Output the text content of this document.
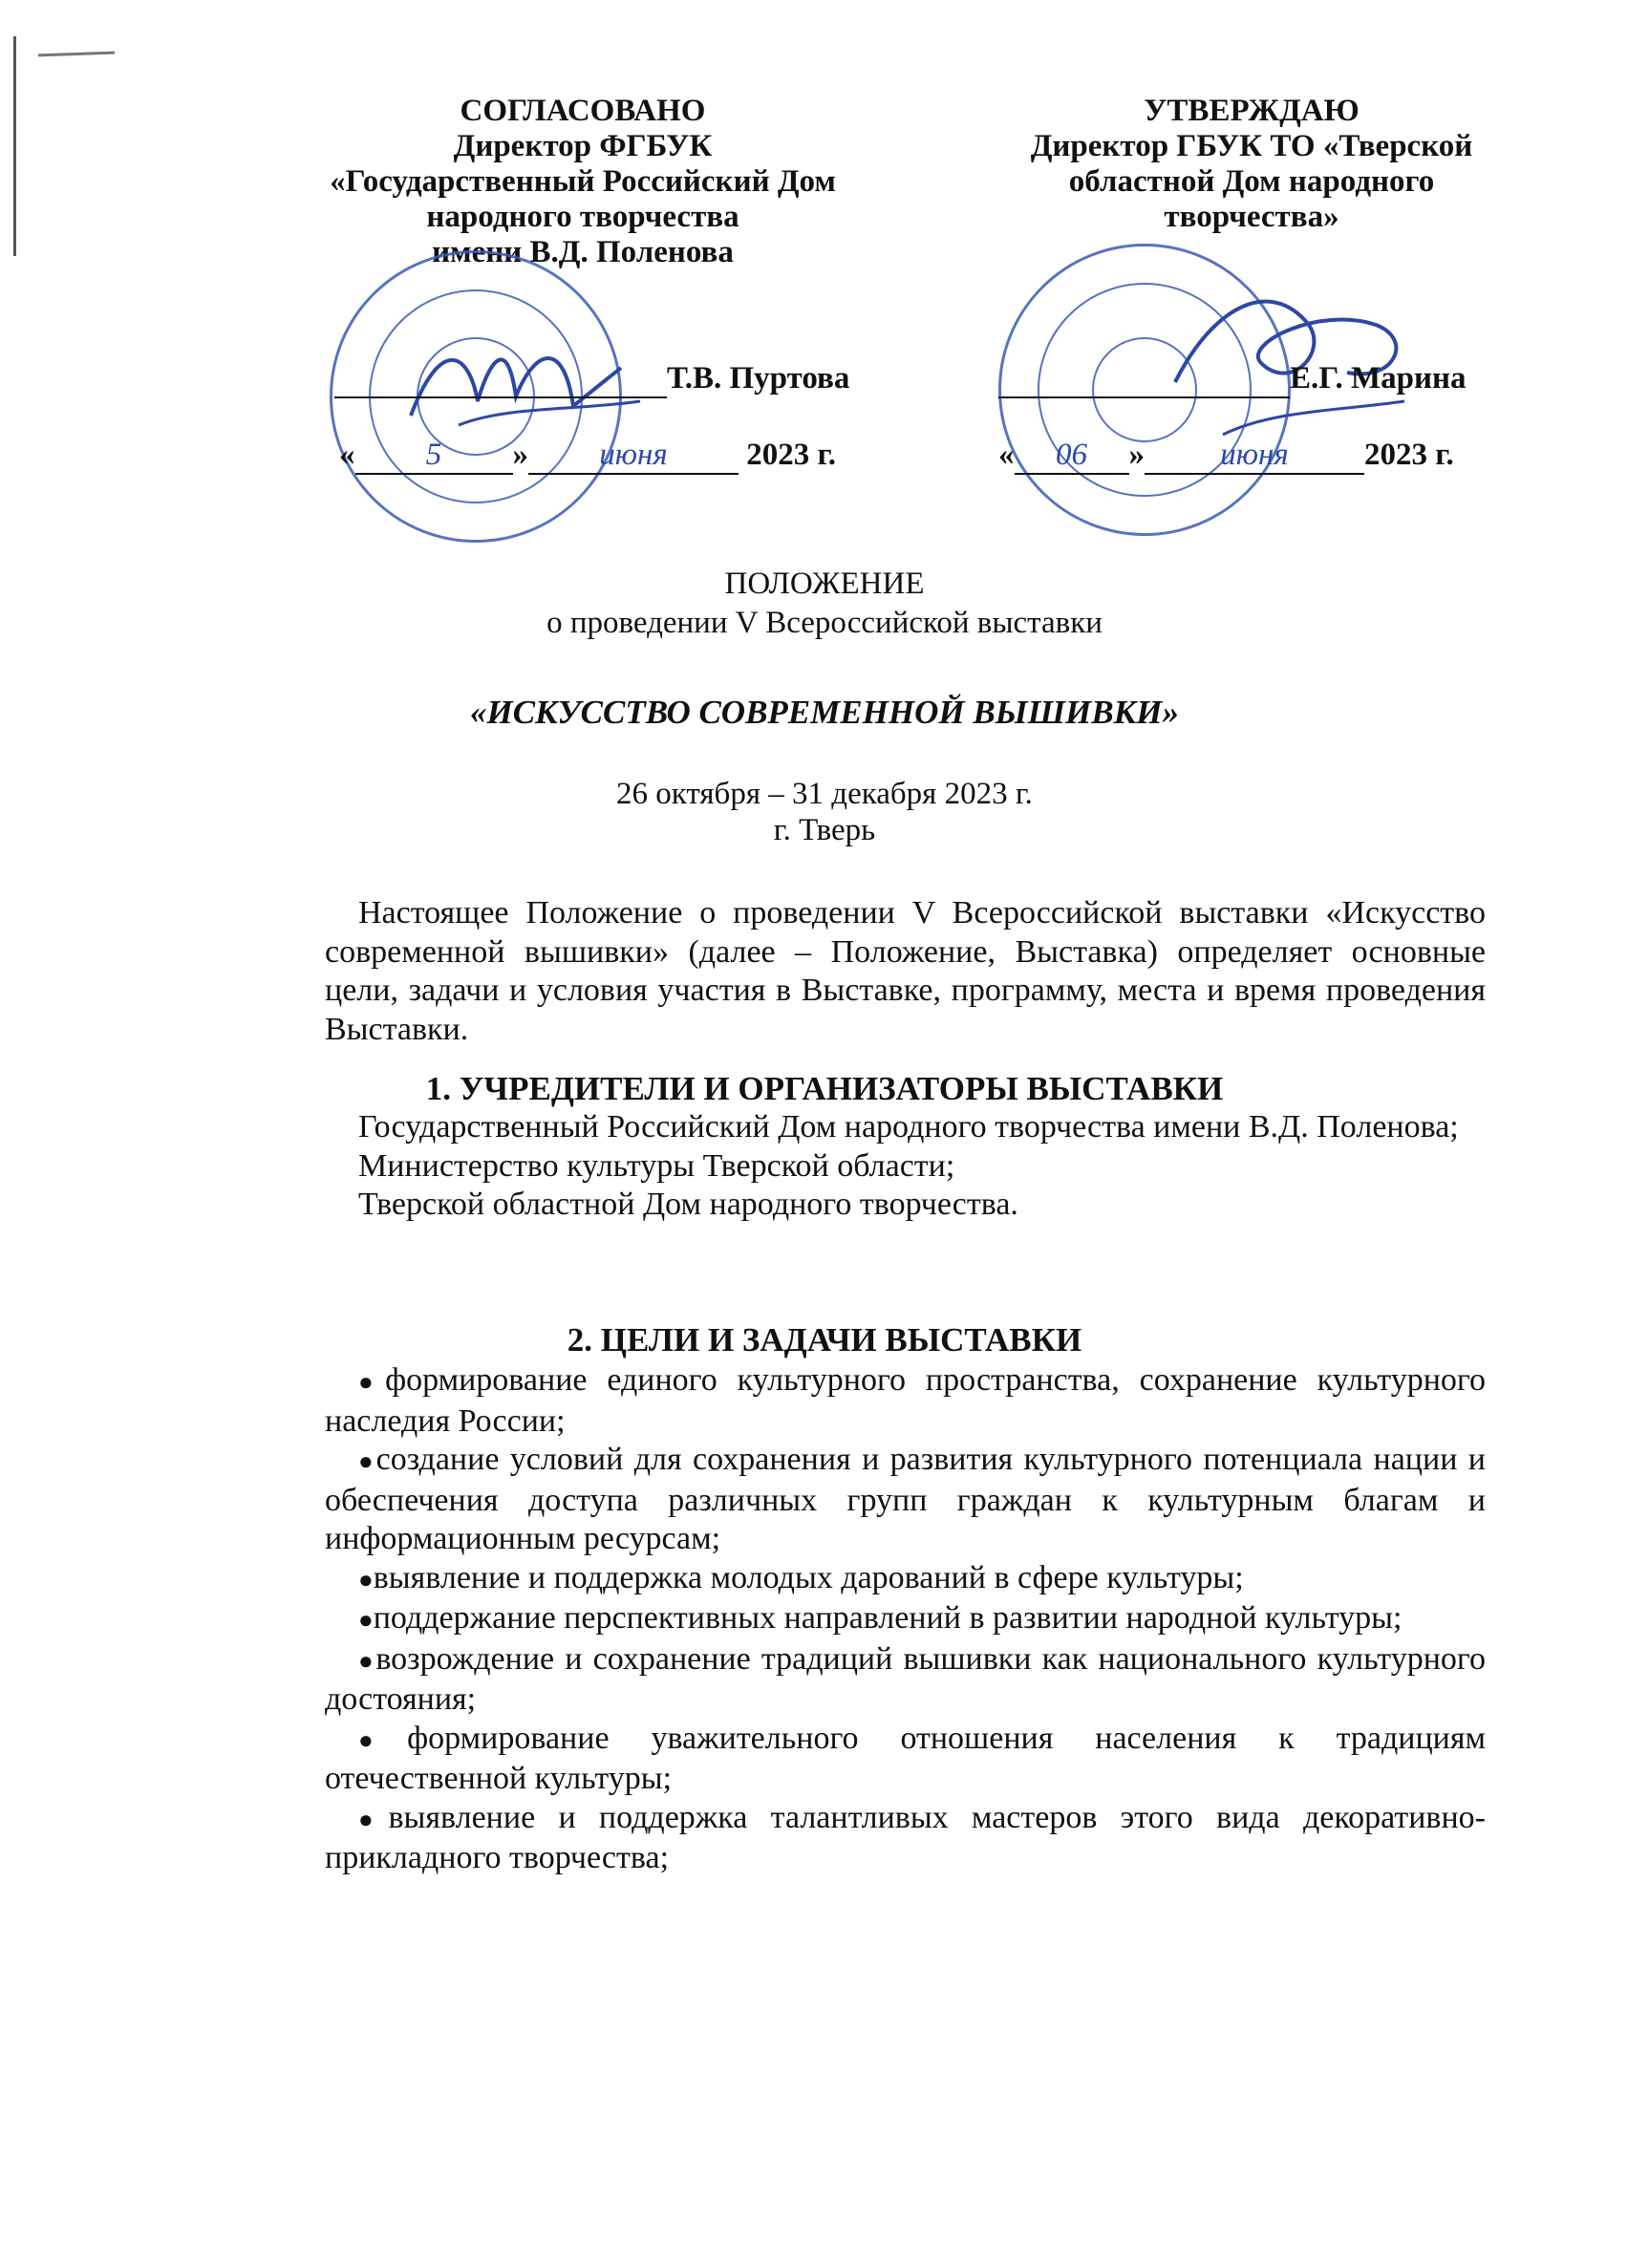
СОГЛАСОВАНО
Директор ФГБУК
«Государственный Российский Дом
народного творчества
имени В.Д. Поленова
Т.В. Пуртова
« 5 » июня	2023 г.
УТВЕРЖДАЮ
Директор ГБУК ТО «Тверской
областной Дом народного
творчества»
Е.Г. Марина
« 06 » июня 2023 г.
ПОЛОЖЕНИЕ
о проведении V Всероссийской выставки
«ИСКУССТВО СОВРЕМЕННОЙ ВЫШИВКИ»
26 октября – 31 декабря 2023 г.
г. Тверь

Настоящее Положение о проведении V Всероссийской выставки «Искусство современной вышивки» (далее – Положение, Выставка) определяет основные цели, задачи и условия участия в Выставке, программу, места и время проведения Выставки.

1. УЧРЕДИТЕЛИ И ОРГАНИЗАТОРЫ ВЫСТАВКИ

Государственный Российский Дом народного творчества имени В.Д. Поленова;

Министерство культуры Тверской области;

Тверской областной Дом народного творчества.

2. ЦЕЛИ И ЗАДАЧИ ВЫСТАВКИ

●формирование единого культурного пространства, сохранение культурного наследия России;

●создание условий для сохранения и развития культурного потенциала нации и обеспечения доступа различных групп граждан к культурным благам и информационным ресурсам;

●выявление и поддержка молодых дарований в сфере культуры;

●поддержание перспективных направлений в развитии народной культуры;

●возрождение и сохранение традиций вышивки как национального культурного достояния;

●формирование уважительного отношения населения к традициям отечественной культуры;

●выявление и поддержка талантливых мастеров этого вида декоративно-прикладного творчества;
